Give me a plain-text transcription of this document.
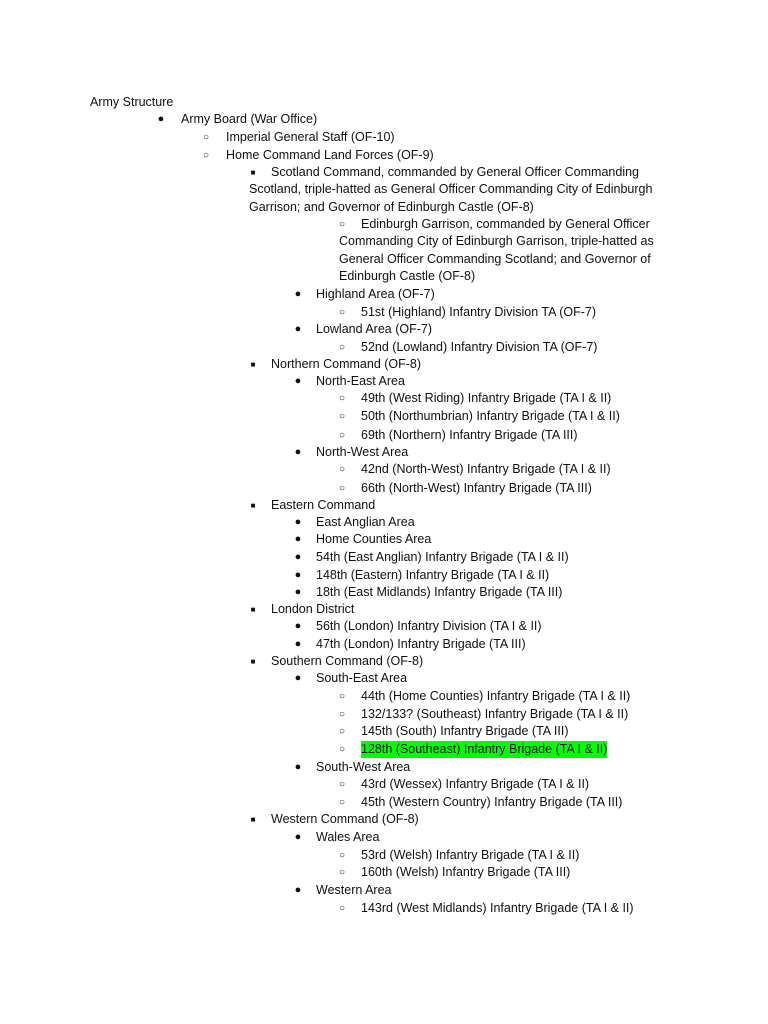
Army Structure
● Army Board (War Office)
○ Imperial General Staff (OF-10)
○ Home Command Land Forces (OF-9)
■	Scotland Command, commanded by General Officer Commanding Scotland, triple-hatted as General Officer Commanding City of Edinburgh Garrison; and Governor of Edinburgh Castle (OF-8)
○	Edinburgh Garrison, commanded by General Officer Commanding City of Edinburgh Garrison, triple-hatted as General Officer Commanding Scotland; and Governor of Edinburgh Castle (OF-8)
● Highland Area (OF-7)
○ 51st (Highland) Infantry Division TA (OF-7)
● Lowland Area (OF-7)
○ 52nd (Lowland) Infantry Division TA (OF-7)
■ Northern Command (OF-8)
● North-East Area
○ 49th (West Riding) Infantry Brigade (TA I & II)
○ 50th (Northumbrian) Infantry Brigade (TA I & II)
○ 69th (Northern) Infantry Brigade (TA III)
● North-West Area
○ 42nd (North-West) Infantry Brigade (TA I & II)
○ 66th (North-West) Infantry Brigade (TA III)
■ Eastern Command
● East Anglian Area
● Home Counties Area
● 54th (East Anglian) Infantry Brigade (TA I & II)
● 148th (Eastern) Infantry Brigade (TA I & II)
● 18th (East Midlands) Infantry Brigade (TA III)
■ London District
● 56th (London) Infantry Division (TA I & II)
● 47th (London) Infantry Brigade (TA III)
■ Southern Command (OF-8)
● South-East Area
○ 44th (Home Counties) Infantry Brigade (TA I & II)
○ 132/133? (Southeast) Infantry Brigade (TA I & II)
○ 145th (South) Infantry Brigade (TA III)
○ 128th (Southeast) Infantry Brigade (TA I & II)
● South-West Area
○ 43rd (Wessex) Infantry Brigade (TA I & II)
○ 45th (Western Country) Infantry Brigade (TA III)
■ Western Command (OF-8)
● Wales Area
○ 53rd (Welsh) Infantry Brigade (TA I & II)
○ 160th (Welsh) Infantry Brigade (TA III)
● Western Area
○ 143rd (West Midlands) Infantry Brigade (TA I & II)
